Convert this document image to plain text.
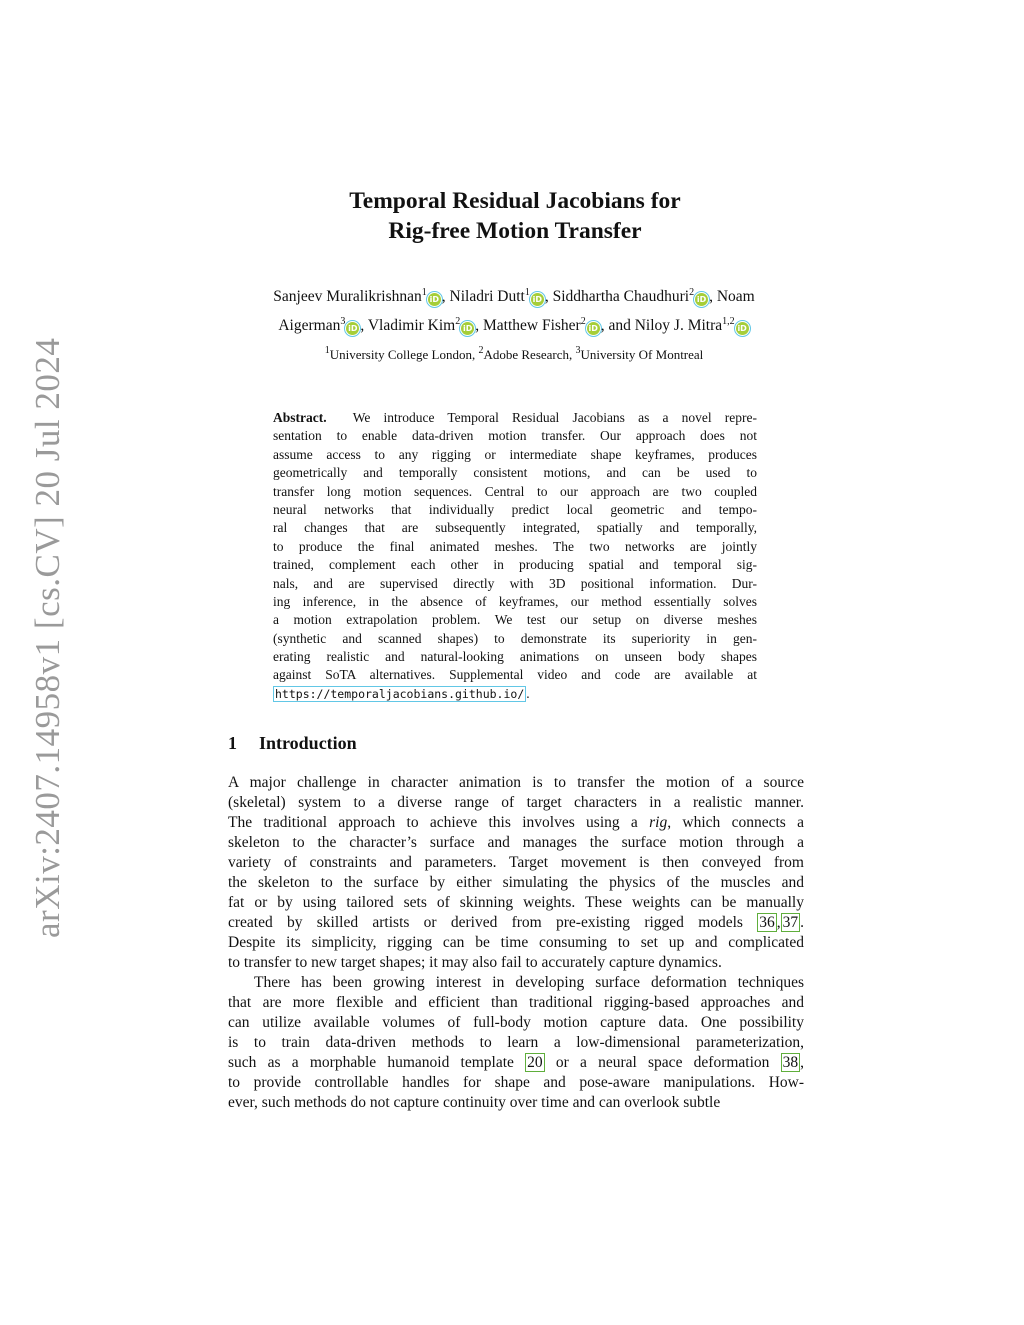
arXiv:2407.14958v1 [cs.CV] 20 Jul 2024
Temporal Residual Jacobians for
Rig-free Motion Transfer
Sanjeev Muralikrishnan$^1$iD , Niladri Dutt$^1$iD , Siddhartha Chaudhuri$^2$iD , Noam
Aigerman$^3$iD , Vladimir Kim$^2$iD , Matthew Fisher$^2$iD , and Niloy J. Mitra$^{1,2}$iD
$^1$University College London, $^2$Adobe Research, $^3$University Of Montreal
Abstract. We introduce Temporal Residual Jacobians as a novel repre-
sentation to enable data-driven motion transfer. Our approach does not
assume access to any rigging or intermediate shape keyframes, produces
geometrically and temporally consistent motions, and can be used to
transfer long motion sequences. Central to our approach are two coupled
neural networks that individually predict local geometric and tempo-
ral changes that are subsequently integrated, spatially and temporally,
to produce the final animated meshes. The two networks are jointly
trained, complement each other in producing spatial and temporal sig-
nals, and are supervised directly with 3D positional information. Dur-
ing inference, in the absence of keyframes, our method essentially solves
a motion extrapolation problem. We test our setup on diverse meshes
(synthetic and scanned shapes) to demonstrate its superiority in gen-
erating realistic and natural-looking animations on unseen body shapes
against SoTA alternatives. Supplemental video and code are available at
https://temporaljacobians.github.io/ .
1 Introduction
A major challenge in character animation is to transfer the motion of a source
(skeletal) system to a diverse range of target characters in a realistic manner.
The traditional approach to achieve this involves using a rig, which connects a
skeleton to the character’s surface and manages the surface motion through a
variety of constraints and parameters. Target movement is then conveyed from
the skeleton to the surface by either simulating the physics of the muscles and
fat or by using tailored sets of skinning weights. These weights can be manually
created by skilled artists or derived from pre-existing rigged models 36 , 37 .
Despite its simplicity, rigging can be time consuming to set up and complicated
to transfer to new target shapes; it may also fail to accurately capture dynamics.
There has been growing interest in developing surface deformation techniques
that are more flexible and efficient than traditional rigging-based approaches and
can utilize available volumes of full-body motion capture data. One possibility
is to train data-driven methods to learn a low-dimensional parameterization,
such as a morphable humanoid template 20 or a neural space deformation 38 ,
to provide controllable handles for shape and pose-aware manipulations. How-
ever, such methods do not capture continuity over time and can overlook subtle
